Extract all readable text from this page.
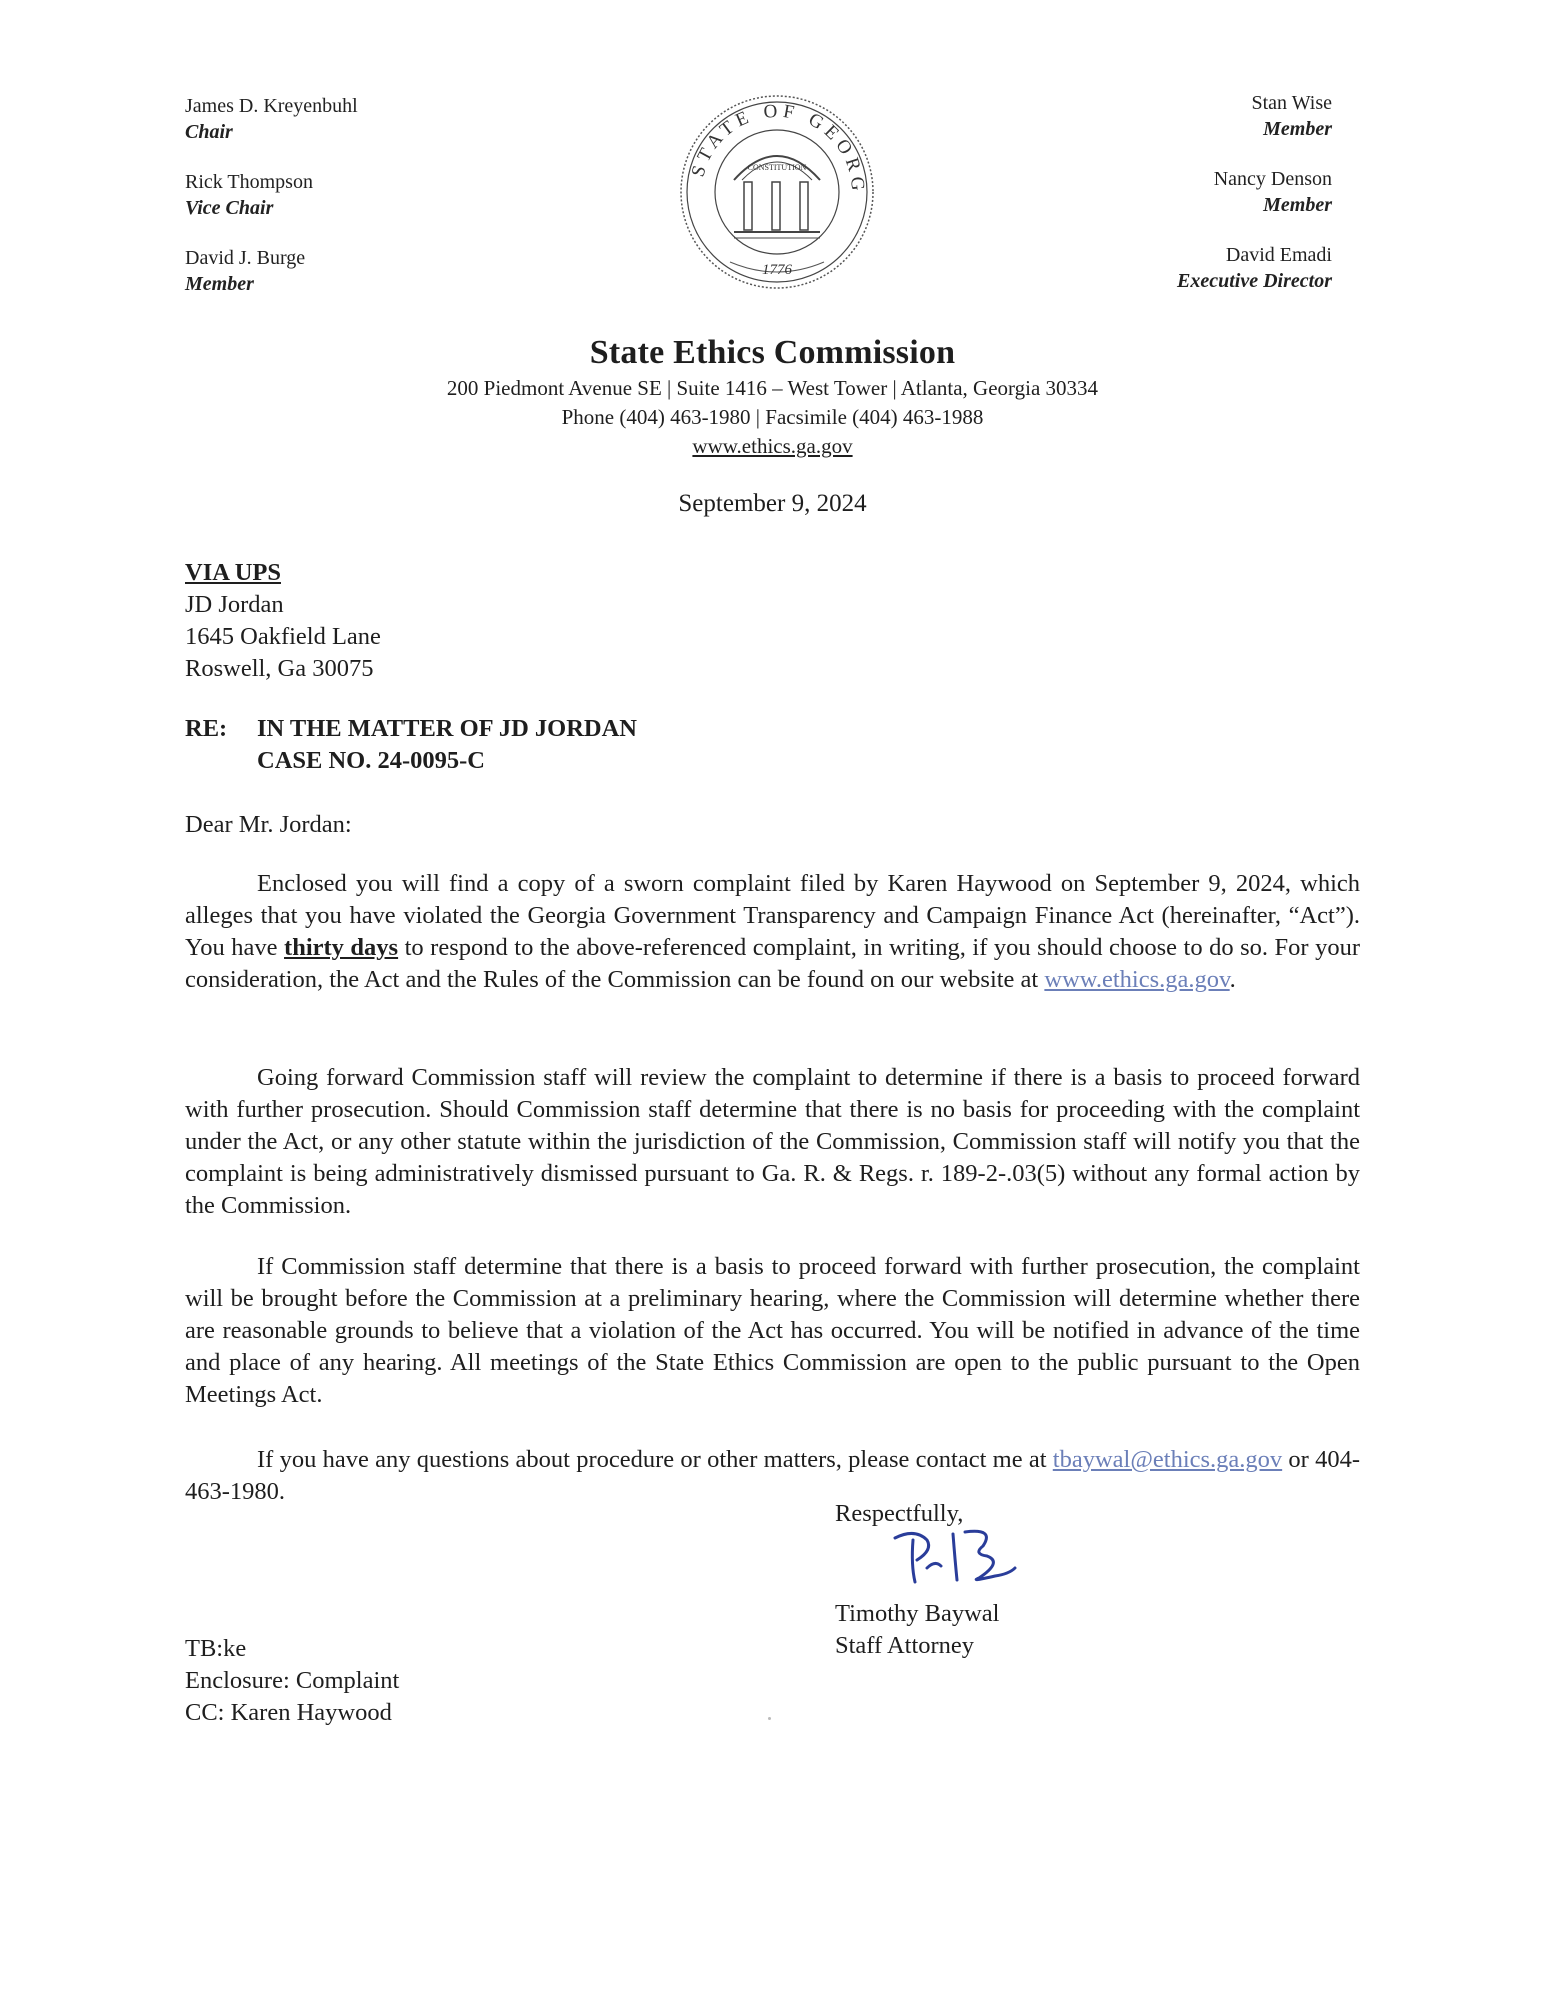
James D. Kreyenbuhl
Chair
Rick Thompson
Vice Chair
David J. Burge
Member
STATE OF GEORG
CONSTITUTION
1776
Stan Wise
Member
Nancy Denson
Member
David Emadi
Executive Director
State Ethics Commission
200 Piedmont Avenue SE | Suite 1416 – West Tower | Atlanta, Georgia 30334
Phone (404) 463-1980 | Facsimile (404) 463-1988
www.ethics.ga.gov
September 9, 2024
VIA UPS
JD Jordan
1645 Oakfield Lane
Roswell, Ga 30075
RE: IN THE MATTER OF JD JORDAN
CASE NO. 24-0095-C
Dear Mr. Jordan:
Enclosed you will find a copy of a sworn complaint filed by Karen Haywood on September 9, 2024, which alleges that you have violated the Georgia Government Transparency and Campaign Finance Act (hereinafter, “Act”). You have thirty days to respond to the above-referenced complaint, in writing, if you should choose to do so. For your consideration, the Act and the Rules of the Commission can be found on our website at www.ethics.ga.gov.
Going forward Commission staff will review the complaint to determine if there is a basis to proceed forward with further prosecution. Should Commission staff determine that there is no basis for proceeding with the complaint under the Act, or any other statute within the jurisdiction of the Commission, Commission staff will notify you that the complaint is being administratively dismissed pursuant to Ga. R. & Regs. r. 189-2-.03(5) without any formal action by the Commission.
If Commission staff determine that there is a basis to proceed forward with further prosecution, the complaint will be brought before the Commission at a preliminary hearing, where the Commission will determine whether there are reasonable grounds to believe that a violation of the Act has occurred. You will be notified in advance of the time and place of any hearing. All meetings of the State Ethics Commission are open to the public pursuant to the Open Meetings Act.
If you have any questions about procedure or other matters, please contact me at tbaywal@ethics.ga.gov or 404-463-1980.
Respectfully,
Timothy Baywal
Staff Attorney
TB:ke
Enclosure: Complaint
CC: Karen Haywood
